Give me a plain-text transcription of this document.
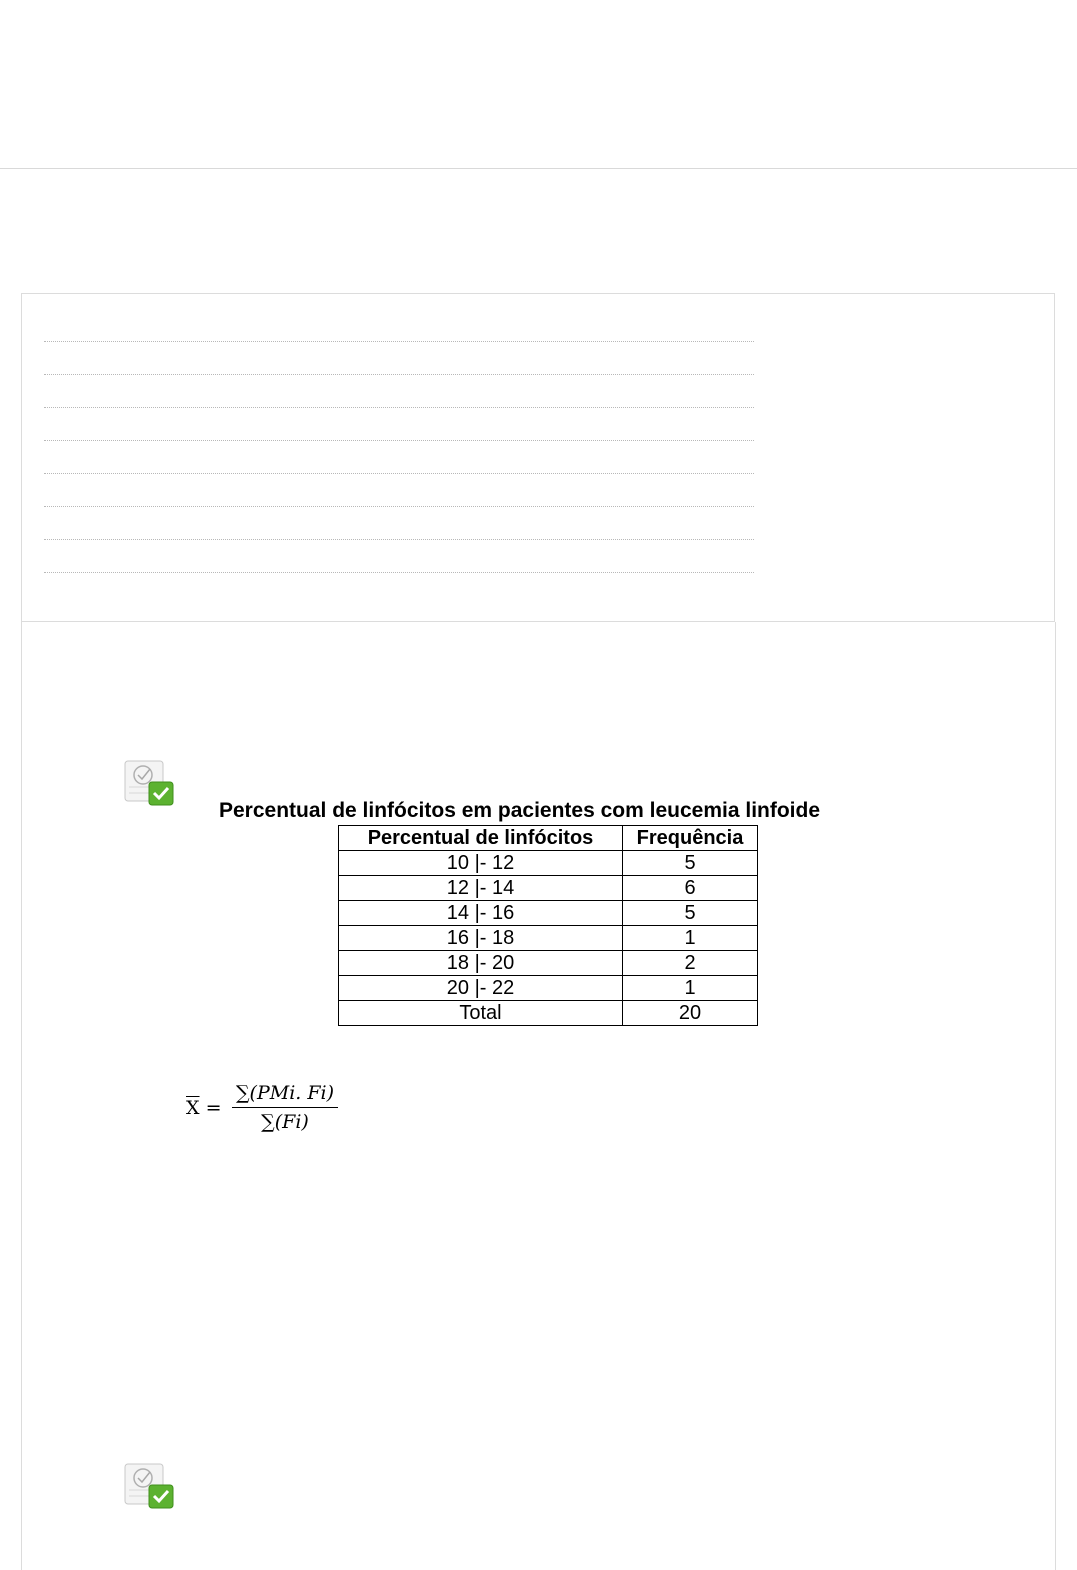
Percentual de linfócitos em pacientes com leucemia linfoide
Percentual de linfócitos	Frequência
10 |- 12	5
12 |- 14	6
14 |- 16	5
16 |- 18	1
18 |- 20	2
20 |- 22	1
Total	20
$\overline{X}$ =
∑(PMi. Fi)
∑(Fi)
